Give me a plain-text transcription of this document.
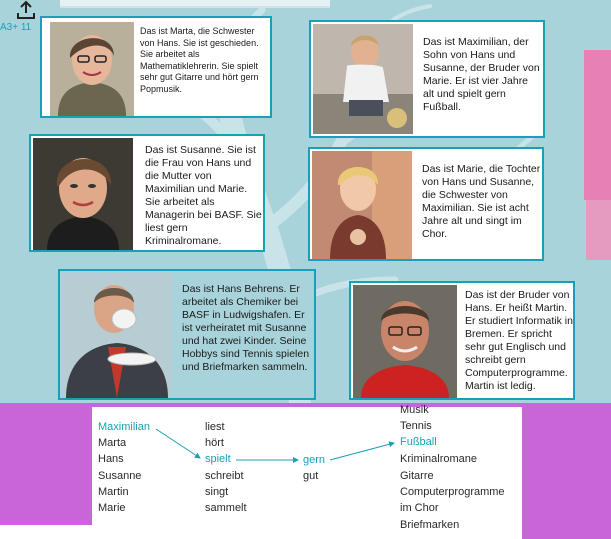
A3+ 11	Das ist Marta, die Schwester von Hans. Sie ist geschieden. Sie arbeitet als Mathematiklehrerin. Sie spielt sehr gut Gitarre und hört gern Popmusik.
Das ist Maximilian, der Sohn von Hans und Susanne, der Bruder von Marie. Er ist vier Jahre alt und spielt gern Fußball.
Das ist Susanne. Sie ist die Frau von Hans und die Mutter von Maximilian und Marie. Sie arbeitet als Managerin bei BASF. Sie liest gern Kriminalromane.
Das ist Marie, die Tochter von Hans und Susanne, die Schwester von Maximilian. Sie ist acht Jahre alt und singt im Chor.
Das ist Hans Behrens. Er arbeitet als Chemiker bei BASF in Ludwigshafen. Er ist verheiratet mit Susanne und hat zwei Kinder. Seine Hobbys sind Tennis spielen und Briefmarken sammeln.
Das ist der Bruder von Hans. Er heißt Martin. Er studiert Informatik in Bremen. Er spricht sehr gut Englisch und schreibt gern Computerprogramme. Martin ist ledig.
Maximilian
Marta
Hans
Susanne
Martin
Marie
liest
hört
spielt
schreibt
singt
sammelt
gern
gut
Musik
Tennis
Fußball
Kriminalromane
Gitarre
Computerprogramme
im Chor
Briefmarken
